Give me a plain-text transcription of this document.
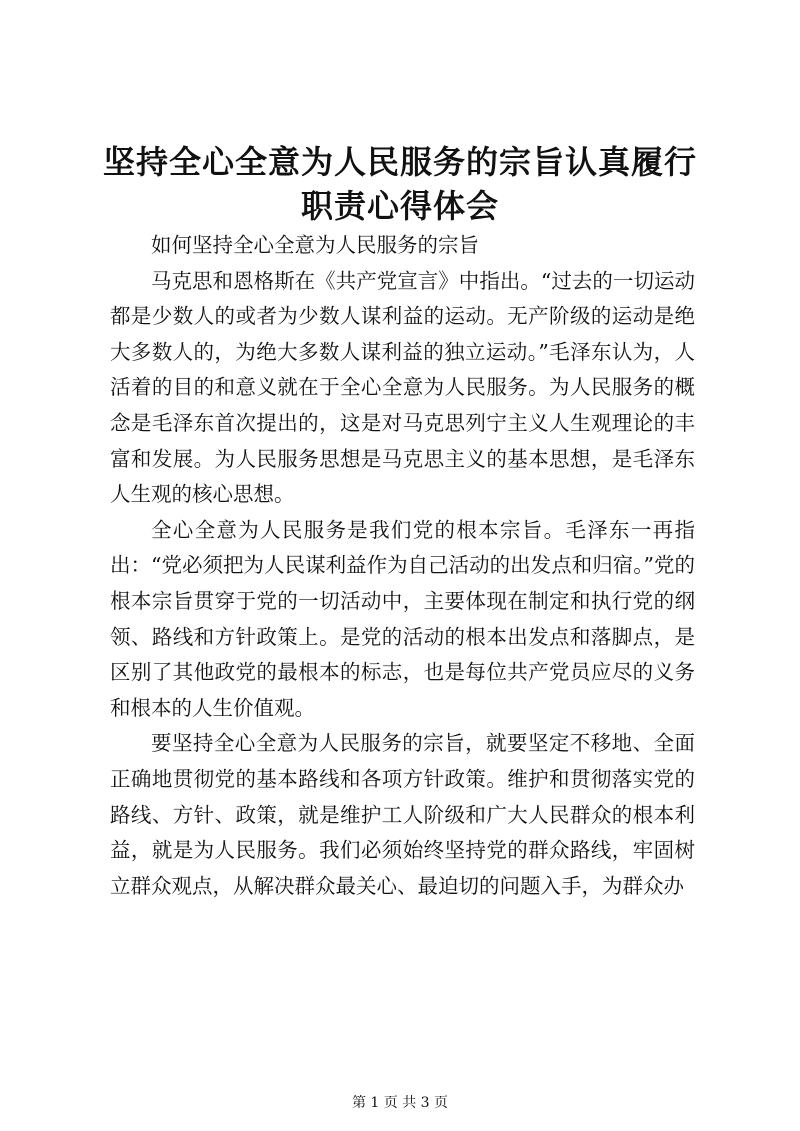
坚持全心全意为人民服务的宗旨认真履行职责心得体会

如何坚持全心全意为人民服务的宗旨

马克思和恩格斯在《共产党宣言》中指出。“过去的一切运动都是少数人的或者为少数人谋利益的运动。无产阶级的运动是绝大多数人的，为绝大多数人谋利益的独立运动。”毛泽东认为，人活着的目的和意义就在于全心全意为人民服务。为人民服务的概念是毛泽东首次提出的，这是对马克思列宁主义人生观理论的丰富和发展。为人民服务思想是马克思主义的基本思想，是毛泽东人生观的核心思想。

全心全意为人民服务是我们党的根本宗旨。毛泽东一再指出：“党必须把为人民谋利益作为自己活动的出发点和归宿。”党的根本宗旨贯穿于党的一切活动中，主要体现在制定和执行党的纲领、路线和方针政策上。是党的活动的根本出发点和落脚点，是区别了其他政党的最根本的标志，也是每位共产党员应尽的义务和根本的人生价值观。

要坚持全心全意为人民服务的宗旨，就要坚定不移地、全面正确地贯彻党的基本路线和各项方针政策。维护和贯彻落实党的路线、方针、政策，就是维护工人阶级和广大人民群众的根本利益，就是为人民服务。我们必须始终坚持党的群众路线，牢固树立群众观点，从解决群众最关心、最迫切的问题入手，为群众办

第 1 页 共 3 页
